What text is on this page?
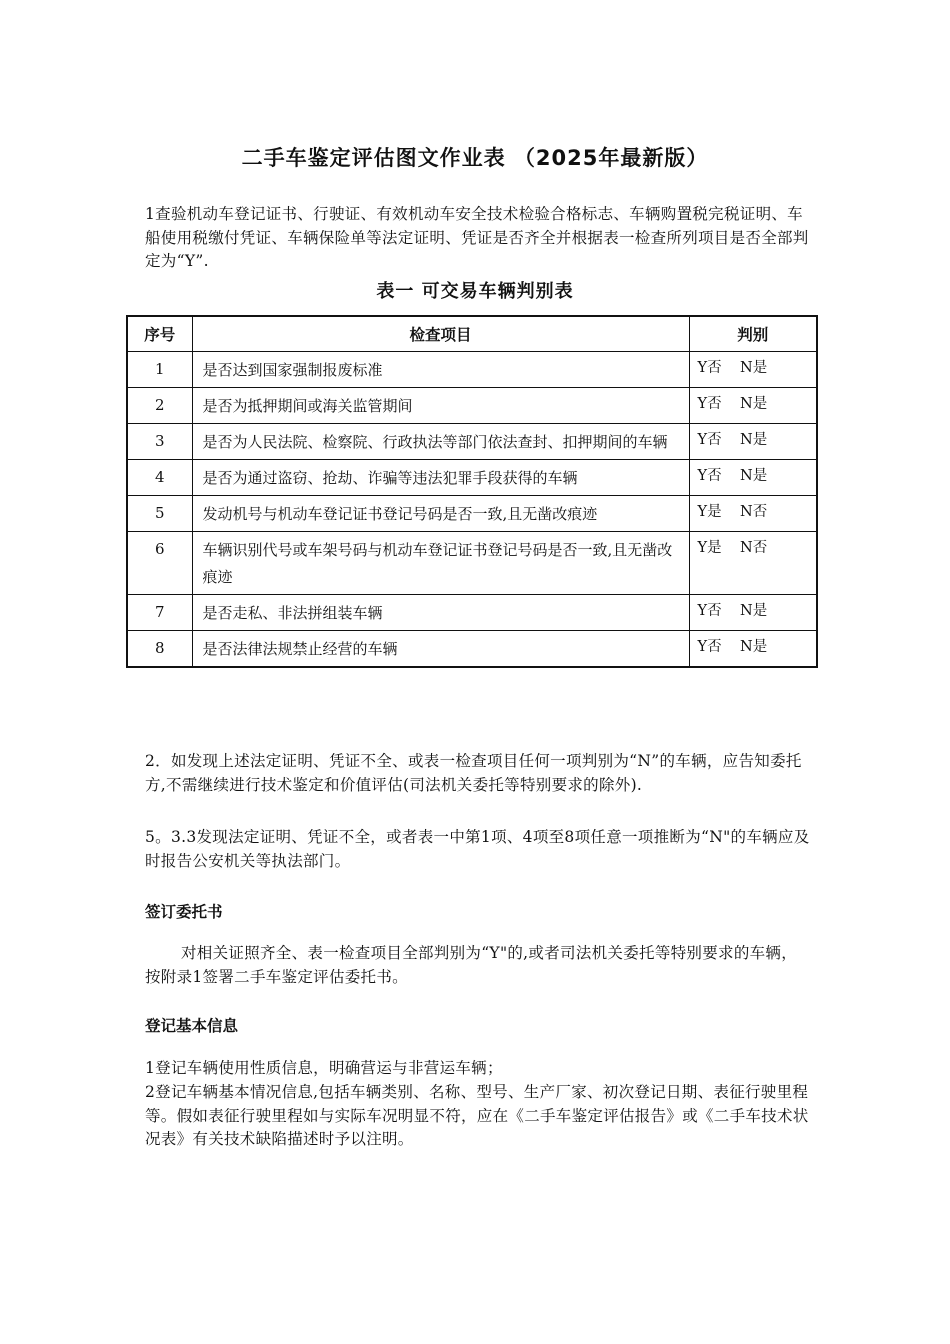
二手车鉴定评估图文作业表 （2025年最新版）
1查验机动车登记证书、行驶证、有效机动车安全技术检验合格标志、车辆购置税完税证明、车船使用税缴付凭证、车辆保险单等法定证明、凭证是否齐全并根据表一检查所列项目是否全部判定为“Y”.
表一 可交易车辆判别表
序号	检查项目	判别
1	是否达到国家强制报废标准	Y否    N是
2	是否为抵押期间或海关监管期间	Y否    N是
3	是否为人民法院、检察院、行政执法等部门依法查封、扣押期间的车辆	Y否    N是
4	是否为通过盗窃、抢劫、诈骗等违法犯罪手段获得的车辆	Y否    N是
5	发动机号与机动车登记证书登记号码是否一致,且无凿改痕迹	Y是    N否
6	车辆识别代号或车架号码与机动车登记证书登记号码是否一致,且无凿改痕迹	Y是    N否
7	是否走私、非法拼组装车辆	Y否    N是
8	是否法律法规禁止经营的车辆	Y否    N是
2．如发现上述法定证明、凭证不全、或表一检查项目任何一项判别为“N”的车辆，应告知委托方,不需继续进行技术鉴定和价值评估(司法机关委托等特别要求的除外).
5。3.3发现法定证明、凭证不全，或者表一中第1项、4项至8项任意一项推断为“N"的车辆应及时报告公安机关等执法部门。
签订委托书
对相关证照齐全、表一检查项目全部判别为“Y"的,或者司法机关委托等特别要求的车辆，按附录1签署二手车鉴定评估委托书。
登记基本信息
1登记车辆使用性质信息，明确营运与非营运车辆；
2登记车辆基本情况信息,包括车辆类别、名称、型号、生产厂家、初次登记日期、表征行驶里程等。假如表征行驶里程如与实际车况明显不符，应在《二手车鉴定评估报告》或《二手车技术状况表》有关技术缺陷描述时予以注明。
